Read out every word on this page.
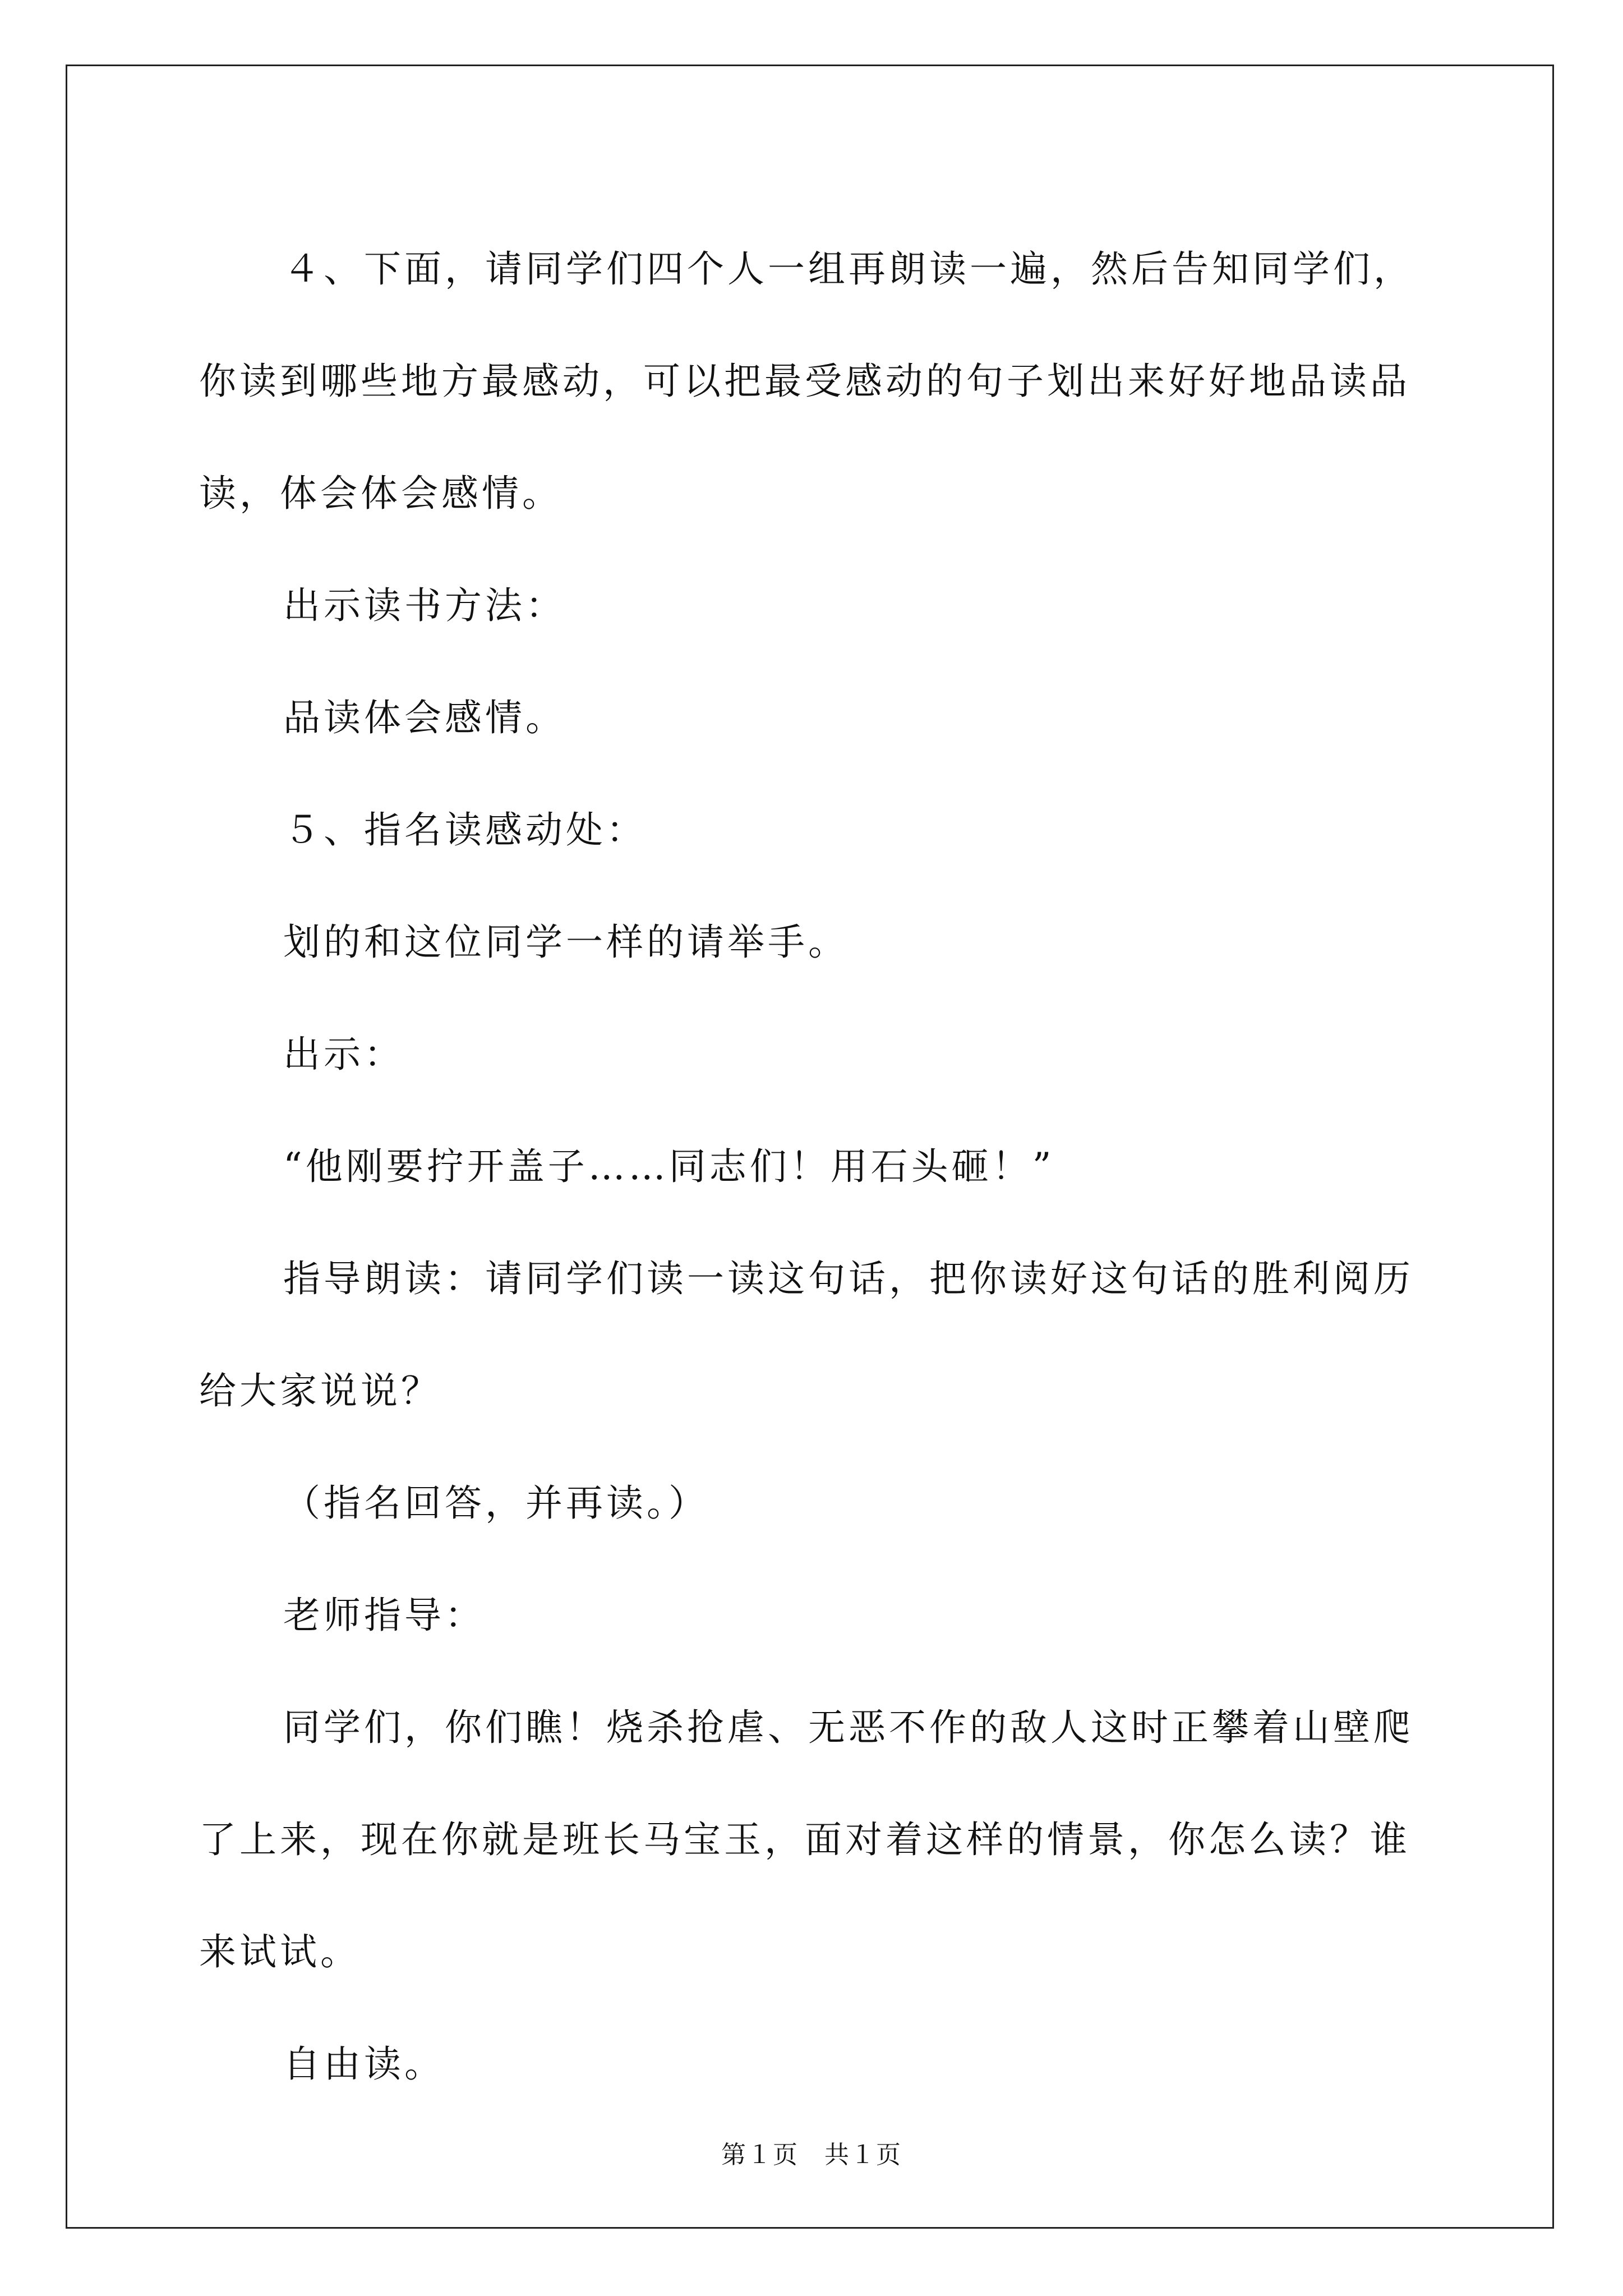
４、下面，请同学们四个人一组再朗读一遍，然后告知同学们，

你读到哪些地方最感动，可以把最受感动的句子划出来好好地品读品

读，体会体会感情。

出示读书方法：

品读体会感情。

５、指名读感动处：

划的和这位同学一样的请举手。

出示：

“他刚要拧开盖子……同志们！用石头砸！”

指导朗读：请同学们读一读这句话，把你读好这句话的胜利阅历

给大家说说？

（指名回答，并再读。）

老师指导：

同学们，你们瞧！烧杀抢虐、无恶不作的敌人这时正攀着山壁爬

了上来，现在你就是班长马宝玉，面对着这样的情景，你怎么读？谁

来试试。

自由读。

第１页　共１页
